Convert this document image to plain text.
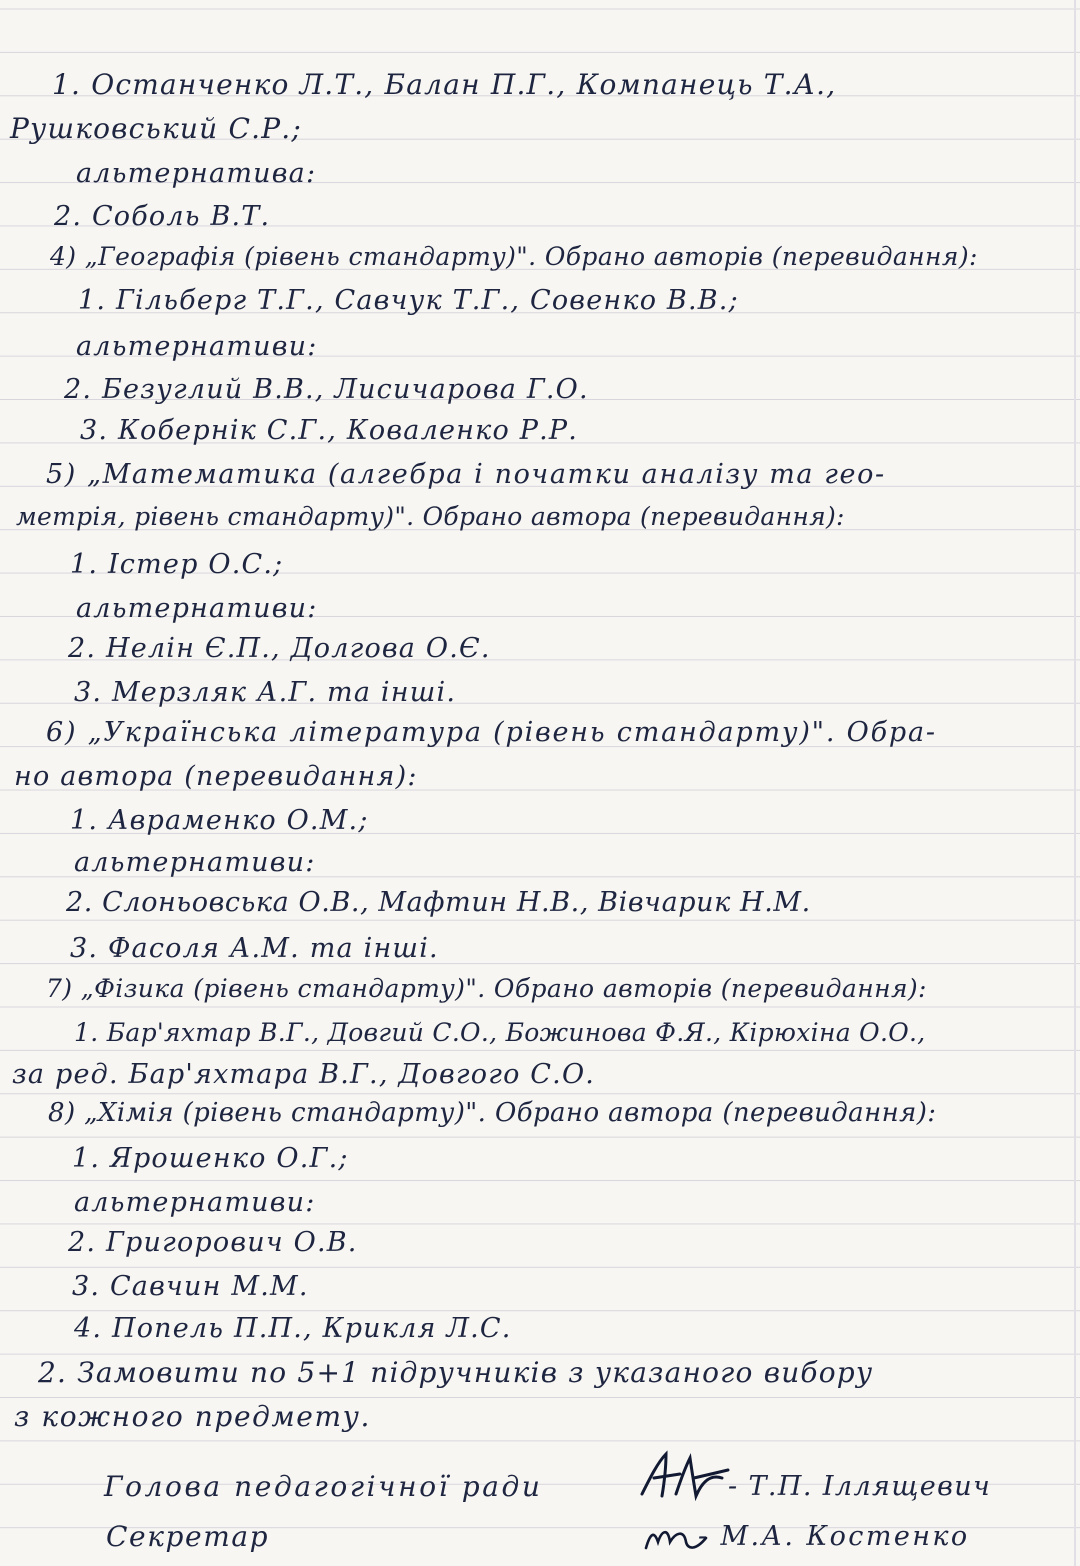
1. Останченко Л.Т., Балан П.Г., Компанець Т.А.,
Рушковський С.Р.;
альтернатива:
2. Соболь В.Т.
4) „Географія (рівень стандарту)". Обрано авторів (перевидання):
1. Гільберг Т.Г., Савчук Т.Г., Совенко В.В.;
альтернативи:
2. Безуглий В.В., Лисичарова Г.О.
3. Кобернік С.Г., Коваленко Р.Р.
5) „Математика (алгебра і початки аналізу та гео-
метрія, рівень стандарту)". Обрано автора (перевидання):
1. Істер О.С.;
альтернативи:
2. Нелін Є.П., Долгова О.Є.
3. Мерзляк А.Г. та інші.
6) „Українська література (рівень стандарту)". Обра-
но автора (перевидання):
1. Авраменко О.М.;
альтернативи:
2. Слоньовська О.В., Мафтин Н.В., Вівчарик Н.М.
3. Фасоля А.М. та інші.
7) „Фізика (рівень стандарту)". Обрано авторів (перевидання):
1. Бар'яхтар В.Г., Довгий С.О., Божинова Ф.Я., Кірюхіна О.О.,
за ред. Бар'яхтара В.Г., Довгого С.О.
8) „Хімія (рівень стандарту)". Обрано автора (перевидання):
1. Ярошенко О.Г.;
альтернативи:
2. Григорович О.В.
3. Савчин М.М.
4. Попель П.П., Крикля Л.С.
2. Замовити по 5+1 підручників з указаного вибору
з кожного предмету.
Голова педагогічної ради	- Т.П. Іллящевич
Секретар	- М.А. Костенко
